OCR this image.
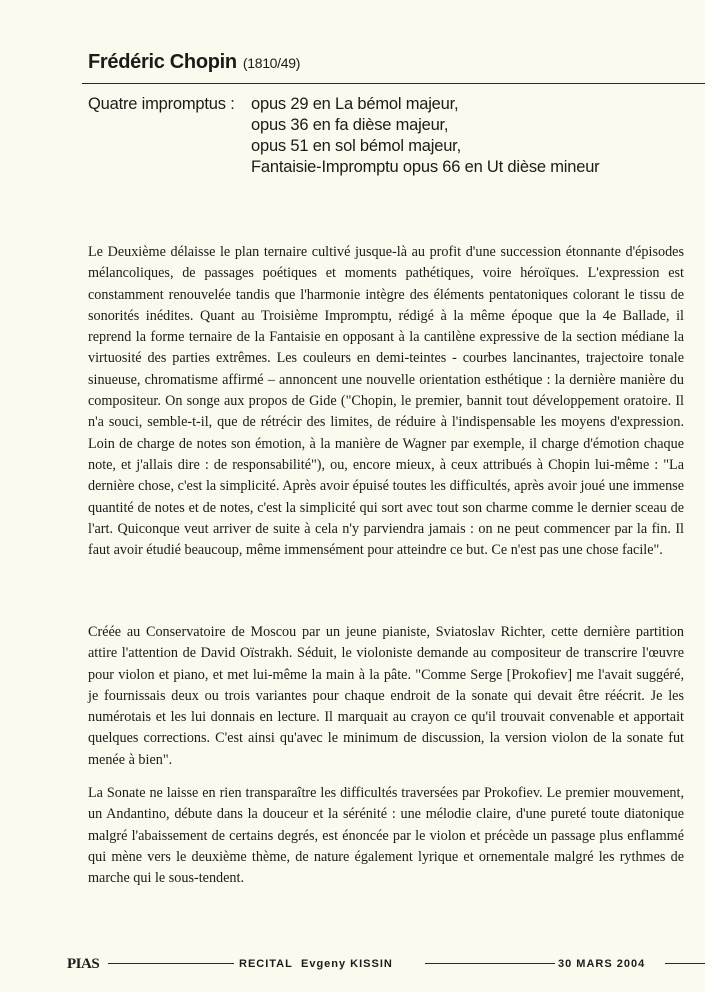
Frédéric Chopin (1810/49)
Quatre impromptus : opus 29 en La bémol majeur,
opus 36 en fa dièse majeur,
opus 51 en sol bémol majeur,
Fantaisie-Impromptu opus 66 en Ut dièse mineur

Le Deuxième délaisse le plan ternaire cultivé jusque-là au profit d'une succession étonnante d'épisodes mélancoliques, de passages poétiques et moments pathétiques, voire héroïques. L'expression est constamment renouvelée tandis que l'harmonie intègre des éléments pentatoniques colorant le tissu de sonorités inédites. Quant au Troisième Impromptu, rédigé à la même époque que la 4e Ballade, il reprend la forme ternaire de la Fantaisie en opposant à la cantilène expressive de la section médiane la virtuosité des parties extrêmes. Les couleurs en demi-teintes - courbes lancinantes, trajectoire tonale sinueuse, chromatisme affirmé – annoncent une nouvelle orientation esthétique : la dernière manière du compositeur. On songe aux propos de Gide ("Chopin, le premier, bannit tout développement oratoire. Il n'a souci, semble-t-il, que de rétrécir des limites, de réduire à l'indispensable les moyens d'expression. Loin de charge de notes son émotion, à la manière de Wagner par exemple, il charge d'émotion chaque note, et j'allais dire : de responsabilité"), ou, encore mieux, à ceux attribués à Chopin lui-même : "La dernière chose, c'est la simplicité. Après avoir épuisé toutes les difficultés, après avoir joué une immense quantité de notes et de notes, c'est la simplicité qui sort avec tout son charme comme le dernier sceau de l'art. Quiconque veut arriver de suite à cela n'y parviendra jamais : on ne peut commencer par la fin. Il faut avoir étudié beaucoup, même immensément pour atteindre ce but. Ce n'est pas une chose facile".

Créée au Conservatoire de Moscou par un jeune pianiste, Sviatoslav Richter, cette dernière partition attire l'attention de David Oïstrakh. Séduit, le violoniste demande au compositeur de transcrire l'œuvre pour violon et piano, et met lui-même la main à la pâte. "Comme Serge [Prokofiev] me l'avait suggéré, je fournissais deux ou trois variantes pour chaque endroit de la sonate qui devait être réécrit. Je les numérotais et les lui donnais en lecture. Il marquait au crayon ce qu'il trouvait convenable et apportait quelques corrections. C'est ainsi qu'avec le minimum de discussion, la version violon de la sonate fut menée à bien".

La Sonate ne laisse en rien transparaître les difficultés traversées par Prokofiev. Le premier mouvement, un Andantino, débute dans la douceur et la sérénité : une mélodie claire, d'une pureté toute diatonique malgré l'abaissement de certains degrés, est énoncée par le violon et précède un passage plus enflammé qui mène vers le deuxième thème, de nature également lyrique et ornementale malgré les rythmes de marche qui le sous-tendent.

PIAS	RECITAL Evgeny KISSIN	30 MARS 2004
